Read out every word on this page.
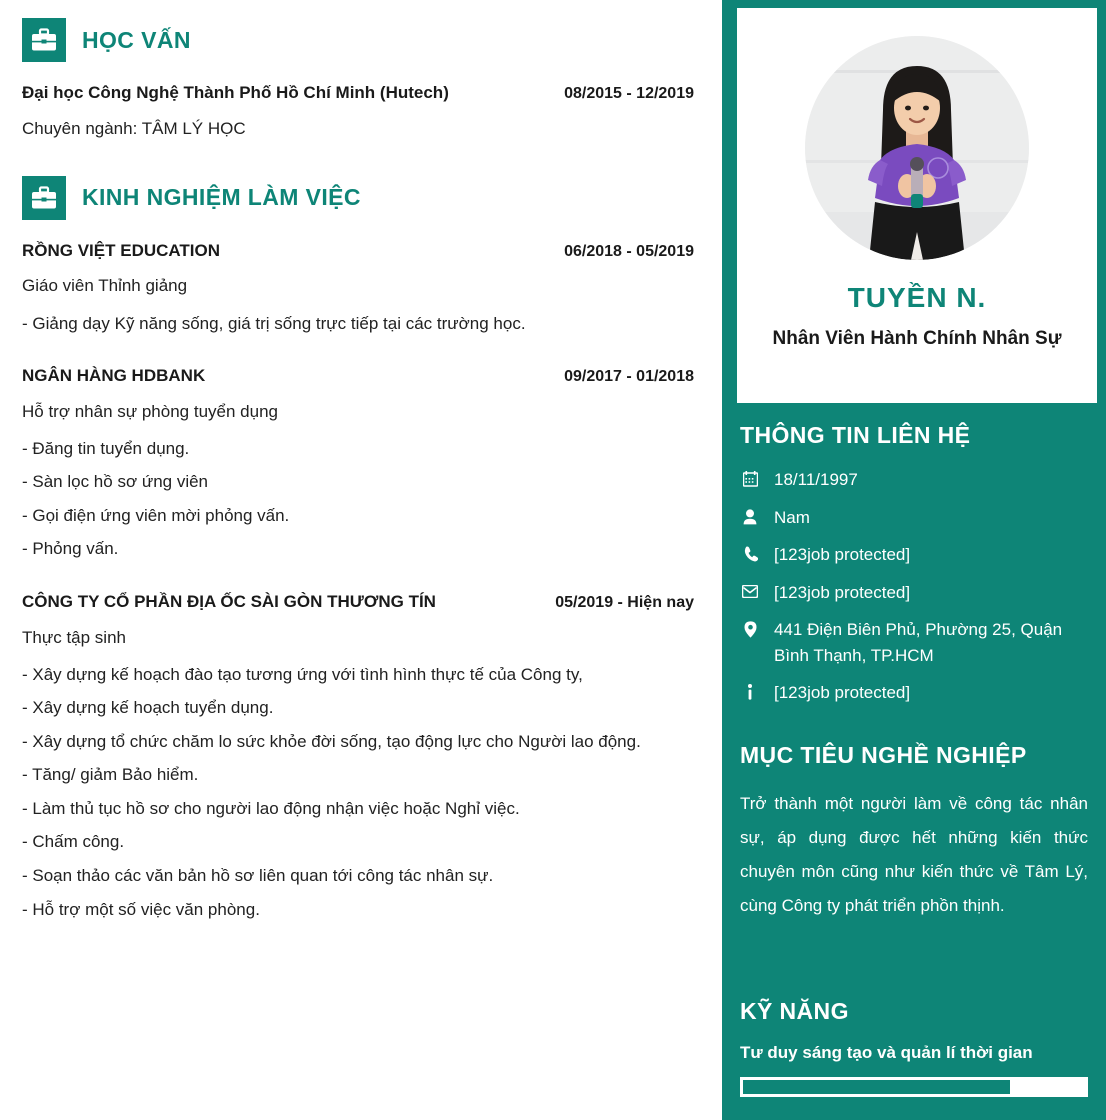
HỌC VẤN
Đại học Công Nghệ Thành Phố Hồ Chí Minh (Hutech)	08/2015 - 12/2019
Chuyên ngành: TÂM LÝ HỌC
KINH NGHIỆM LÀM VIỆC
RỒNG VIỆT EDUCATION	06/2018 - 05/2019
Giáo viên Thỉnh giảng
- Giảng dạy Kỹ năng sống, giá trị sống trực tiếp tại các trường học.
NGÂN HÀNG HDBANK	09/2017 - 01/2018
Hỗ trợ nhân sự phòng tuyển dụng
- Đăng tin tuyển dụng.
- Sàn lọc hồ sơ ứng viên
- Gọi điện ứng viên mời phỏng vấn.
- Phỏng vấn.
CÔNG TY CỔ PHẦN ĐỊA ỐC SÀI GÒN THƯƠNG TÍN	05/2019 - Hiện nay
Thực tập sinh
- Xây dựng kế hoạch đào tạo tương ứng với tình hình thực tế của Công ty,
- Xây dựng kế hoạch tuyển dụng.
- Xây dựng tổ chức chăm lo sức khỏe đời sống, tạo động lực cho Người lao động.
- Tăng/ giảm Bảo hiểm.
- Làm thủ tục hồ sơ cho người lao động nhận việc hoặc Nghỉ việc.
- Chấm công.
- Soạn thảo các văn bản hồ sơ liên quan tới công tác nhân sự.
- Hỗ trợ một số việc văn phòng.
TUYỀN N.
Nhân Viên Hành Chính Nhân Sự
THÔNG TIN LIÊN HỆ
18/11/1997
Nam
[123job protected]
[123job protected]
441 Điện Biên Phủ, Phường 25, Quận Bình Thạnh, TP.HCM
[123job protected]
MỤC TIÊU NGHỀ NGHIỆP
Trở thành một người làm về công tác nhân sự, áp dụng được hết những kiến thức chuyên môn cũng như kiến thức về Tâm Lý, cùng Công ty phát triển phồn thịnh.
KỸ NĂNG
Tư duy sáng tạo và quản lí thời gian
